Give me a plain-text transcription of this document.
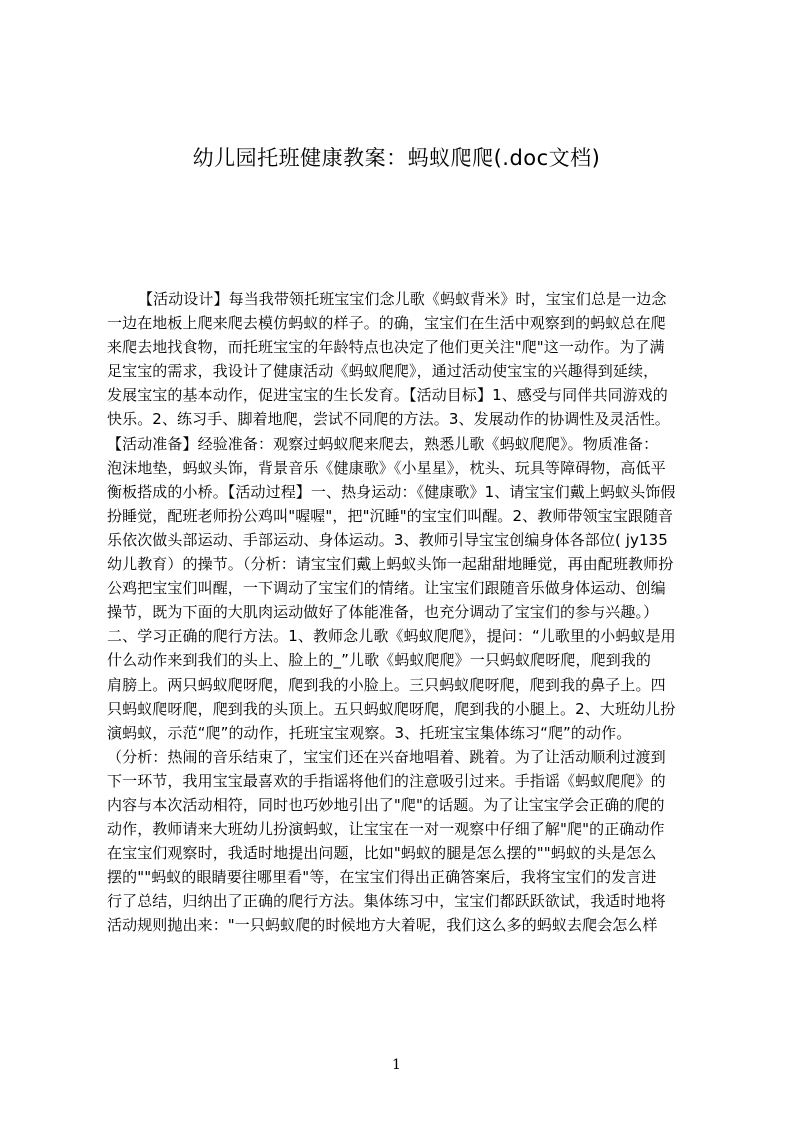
幼儿园托班健康教案：蚂蚁爬爬(.doc文档)
【活动设计】每当我带领托班宝宝们念儿歌《蚂蚁背米》时，宝宝们总是一边念
一边在地板上爬来爬去模仿蚂蚁的样子。的确，宝宝们在生活中观察到的蚂蚁总在爬
来爬去地找食物，而托班宝宝的年龄特点也决定了他们更关注"爬"这一动作。为了满
足宝宝的需求，我设计了健康活动《蚂蚁爬爬》，通过活动使宝宝的兴趣得到延续，
发展宝宝的基本动作，促进宝宝的生长发育。【活动目标】1、感受与同伴共同游戏的
快乐。2、练习手、脚着地爬，尝试不同爬的方法。3、发展动作的协调性及灵活性。
【活动准备】经验准备：观察过蚂蚁爬来爬去，熟悉儿歌《蚂蚁爬爬》。物质准备：
泡沫地垫，蚂蚁头饰，背景音乐《健康歌》《小星星》，枕头、玩具等障碍物，高低平
衡板搭成的小桥。【活动过程】一、热身运动：《健康歌》1、请宝宝们戴上蚂蚁头饰假
扮睡觉，配班老师扮公鸡叫"喔喔"，把"沉睡"的宝宝们叫醒。2、教师带领宝宝跟随音
乐依次做头部运动、手部运动、身体运动。3、教师引导宝宝创编身体各部位( jy135
幼儿教育）的操节。（分析：请宝宝们戴上蚂蚁头饰一起甜甜地睡觉，再由配班教师扮
公鸡把宝宝们叫醒，一下调动了宝宝们的情绪。让宝宝们跟随音乐做身体运动、创编
操节，既为下面的大肌肉运动做好了体能准备，也充分调动了宝宝们的参与兴趣。）
二、学习正确的爬行方法。1、教师念儿歌《蚂蚁爬爬》，提问：“儿歌里的小蚂蚁是用
什么动作来到我们的头上、脸上的_”儿歌《蚂蚁爬爬》一只蚂蚁爬呀爬，爬到我的
肩膀上。两只蚂蚁爬呀爬，爬到我的小脸上。三只蚂蚁爬呀爬，爬到我的鼻子上。四
只蚂蚁爬呀爬，爬到我的头顶上。五只蚂蚁爬呀爬，爬到我的小腿上。2、大班幼儿扮
演蚂蚁，示范“爬”的动作，托班宝宝观察。3、托班宝宝集体练习“爬”的动作。
（分析：热闹的音乐结束了，宝宝们还在兴奋地唱着、跳着。为了让活动顺利过渡到
下一环节，我用宝宝最喜欢的手指谣将他们的注意吸引过来。手指谣《蚂蚁爬爬》的
内容与本次活动相符，同时也巧妙地引出了"爬"的话题。为了让宝宝学会正确的爬的
动作，教师请来大班幼儿扮演蚂蚁，让宝宝在一对一观察中仔细了解"爬"的正确动作
在宝宝们观察时，我适时地提出问题，比如"蚂蚁的腿是怎么摆的""蚂蚁的头是怎么
摆的""蚂蚁的眼睛要往哪里看"等，在宝宝们得出正确答案后，我将宝宝们的发言进
行了总结，归纳出了正确的爬行方法。集体练习中，宝宝们都跃跃欲试，我适时地将
活动规则抛出来："一只蚂蚁爬的时候地方大着呢，我们这么多的蚂蚁去爬会怎么样
1
